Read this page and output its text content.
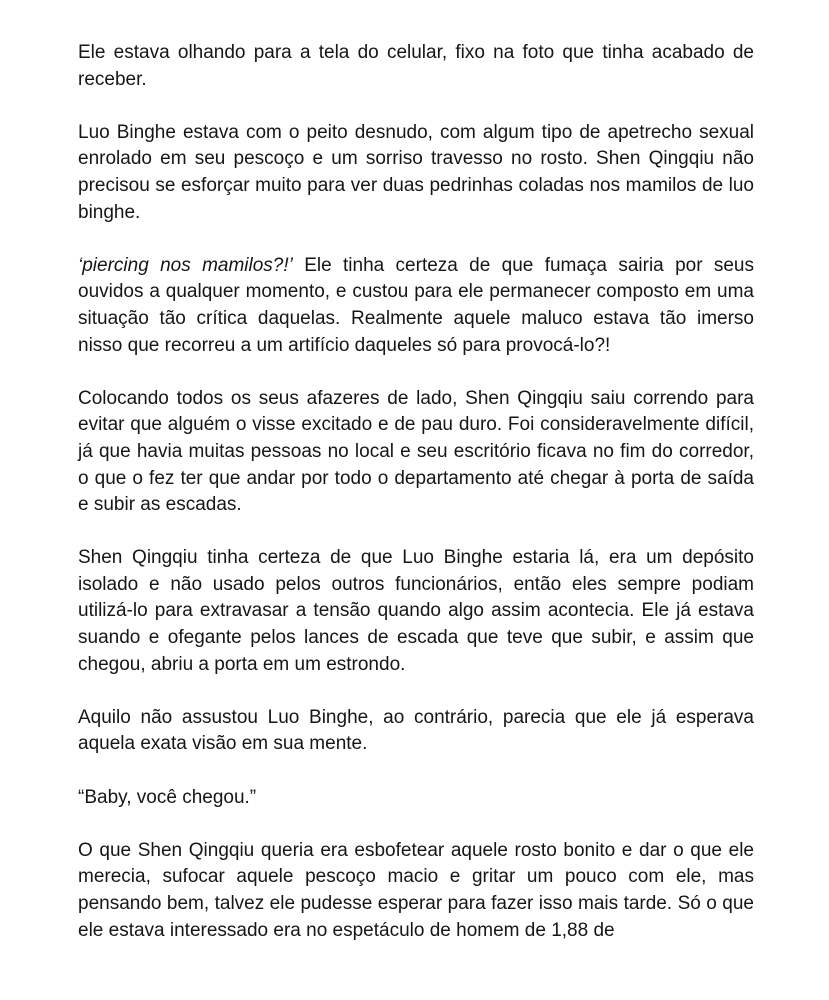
Ele estava olhando para a tela do celular, fixo na foto que tinha acabado de receber.

Luo Binghe estava com o peito desnudo, com algum tipo de apetrecho sexual enrolado em seu pescoço e um sorriso travesso no rosto. Shen Qingqiu não precisou se esforçar muito para ver duas pedrinhas coladas nos mamilos de luo binghe.

‘piercing nos mamilos?!’ Ele tinha certeza de que fumaça sairia por seus ouvidos a qualquer momento, e custou para ele permanecer composto em uma situação tão crítica daquelas. Realmente aquele maluco estava tão imerso nisso que recorreu a um artifício daqueles só para provocá-lo?!

Colocando todos os seus afazeres de lado, Shen Qingqiu saiu correndo para evitar que alguém o visse excitado e de pau duro. Foi consideravelmente difícil, já que havia muitas pessoas no local e seu escritório ficava no fim do corredor, o que o fez ter que andar por todo o departamento até chegar à porta de saída e subir as escadas.

Shen Qingqiu tinha certeza de que Luo Binghe estaria lá, era um depósito isolado e não usado pelos outros funcionários, então eles sempre podiam utilizá-lo para extravasar a tensão quando algo assim acontecia. Ele já estava suando e ofegante pelos lances de escada que teve que subir, e assim que chegou, abriu a porta em um estrondo.

Aquilo não assustou Luo Binghe, ao contrário, parecia que ele já esperava aquela exata visão em sua mente.

“Baby, você chegou.”

O que Shen Qingqiu queria era esbofetear aquele rosto bonito e dar o que ele merecia, sufocar aquele pescoço macio e gritar um pouco com ele, mas pensando bem, talvez ele pudesse esperar para fazer isso mais tarde. Só o que ele estava interessado era no espetáculo de homem de 1,88 de
